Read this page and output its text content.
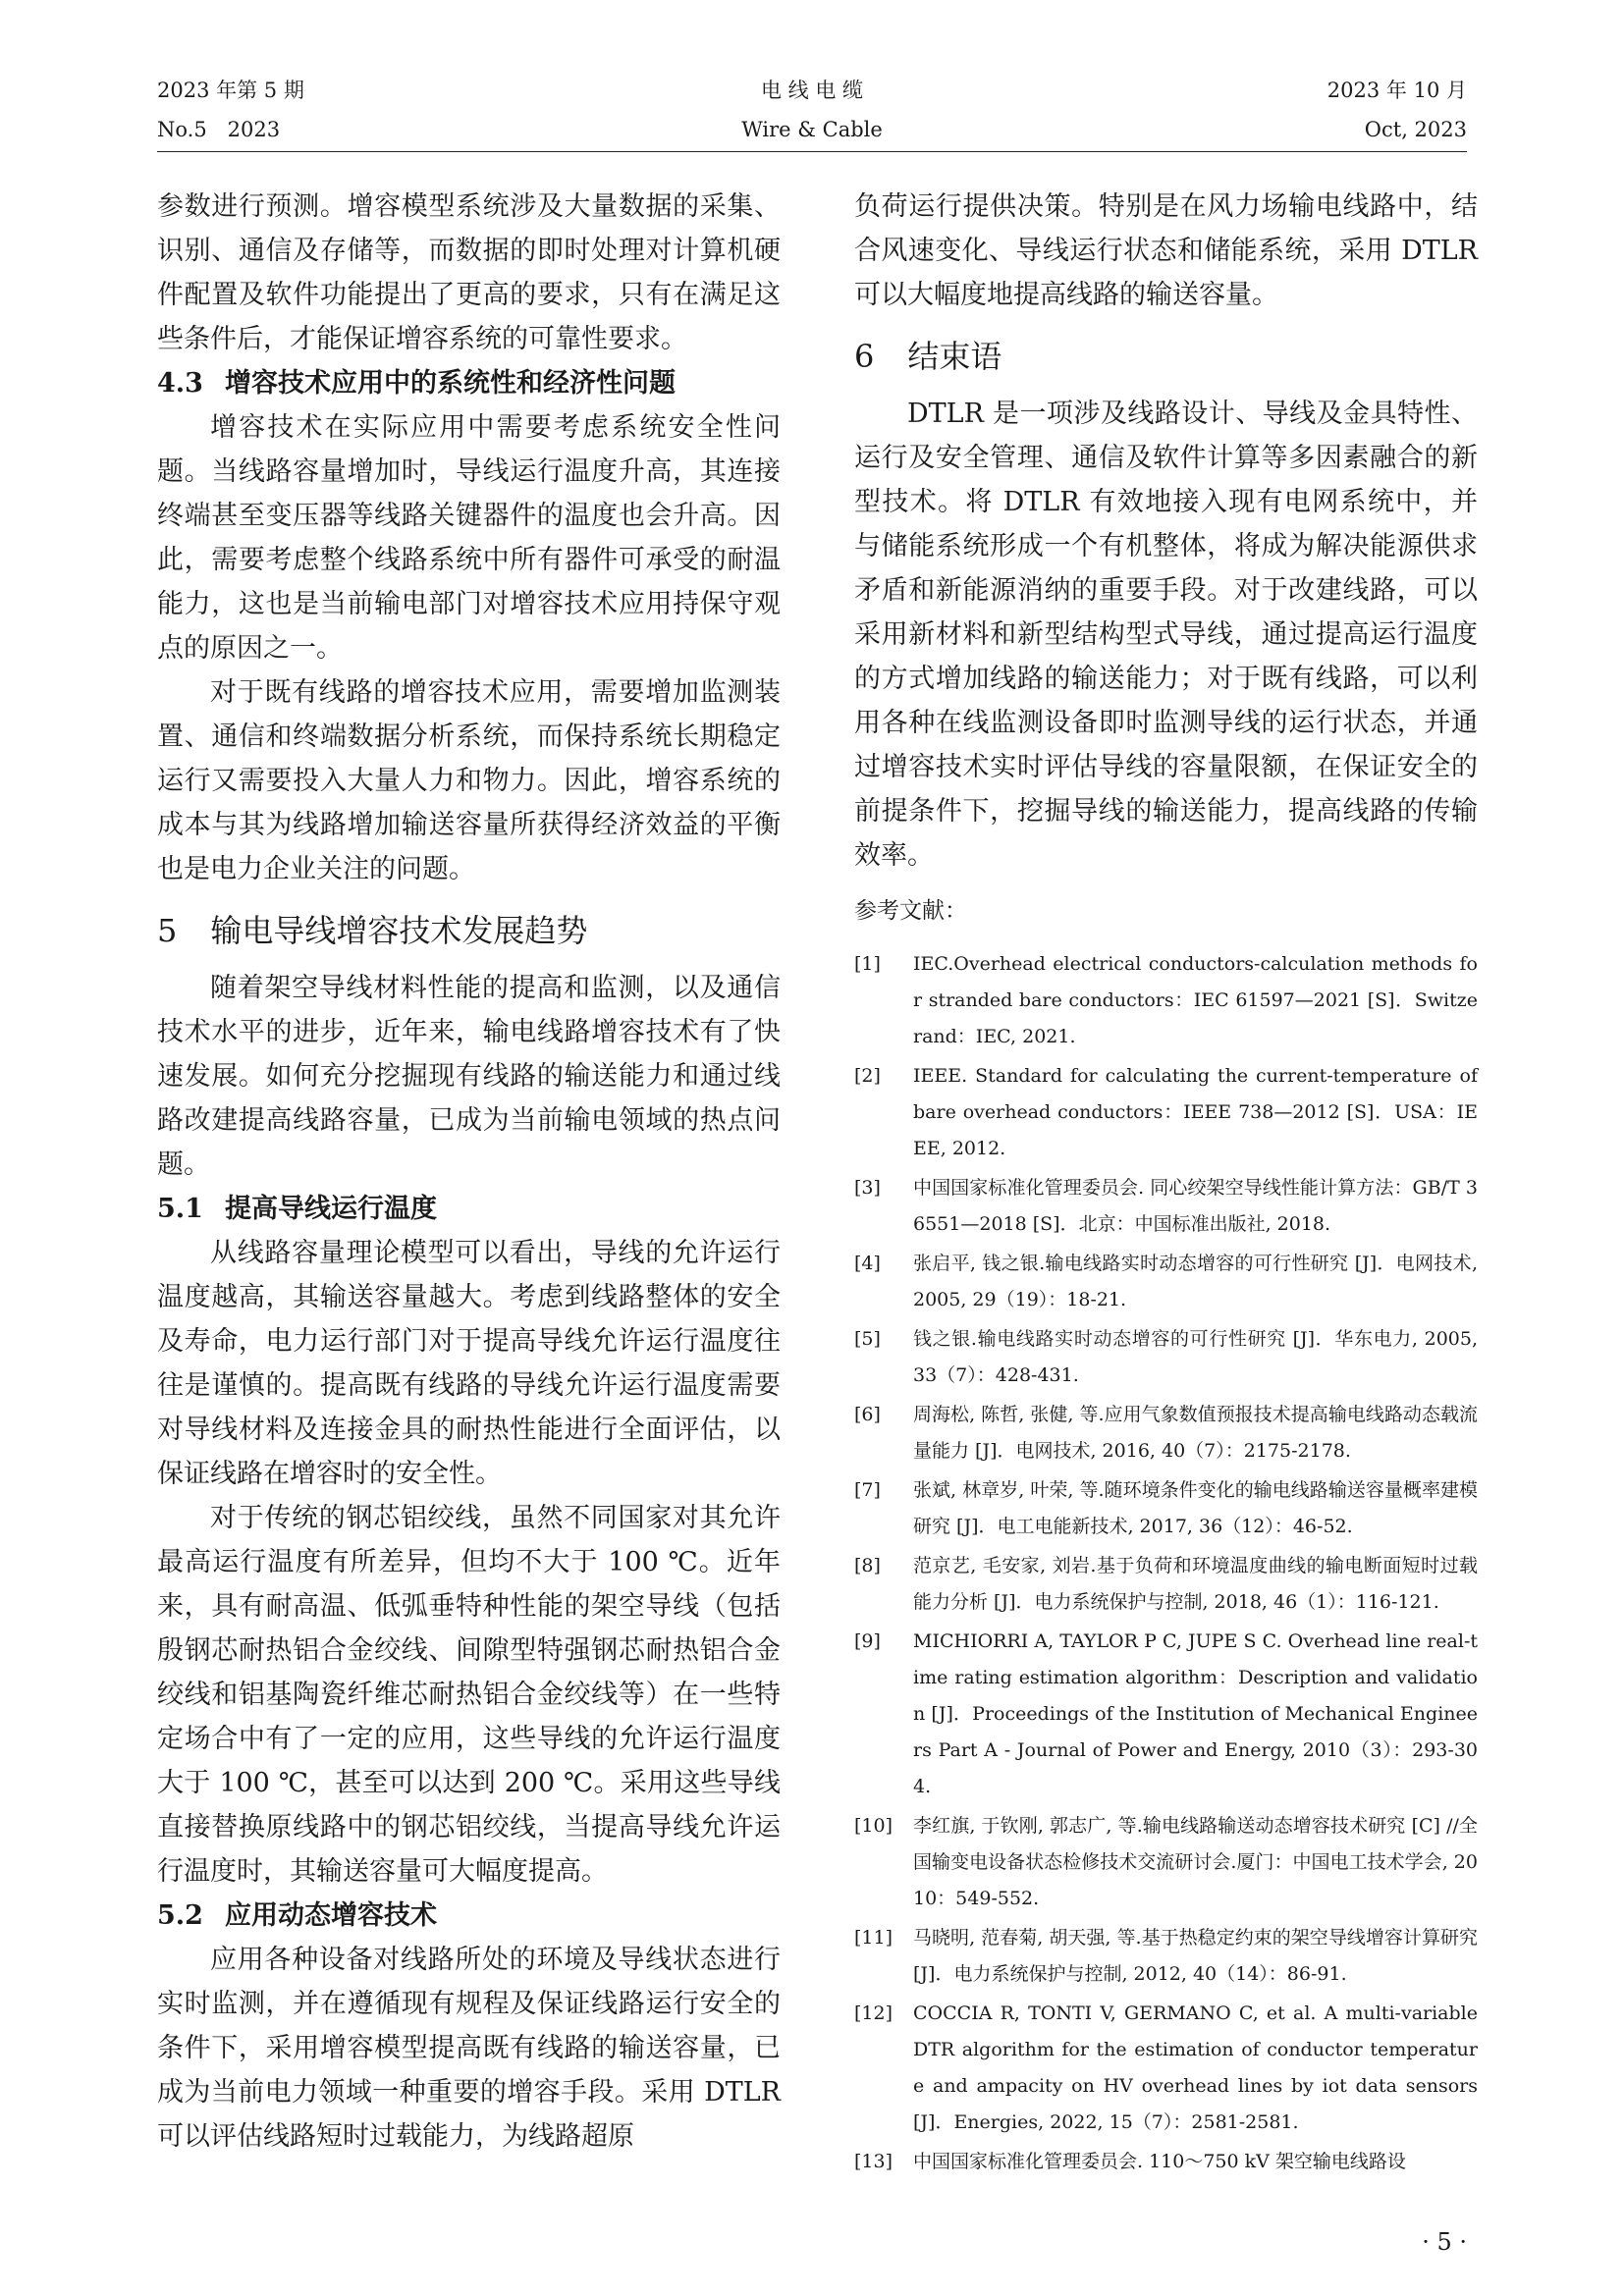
2023 年第 5 期
No.5　2023
电 线 电 缆
Wire & Cable
2023 年 10 月
Oct, 2023

参数进行预测。增容模型系统涉及大量数据的采集、识别、通信及存储等，而数据的即时处理对计算机硬件配置及软件功能提出了更高的要求，只有在满足这些条件后，才能保证增容系统的可靠性要求。

4.3 增容技术应用中的系统性和经济性问题

增容技术在实际应用中需要考虑系统安全性问题。当线路容量增加时，导线运行温度升高，其连接终端甚至变压器等线路关键器件的温度也会升高。因此，需要考虑整个线路系统中所有器件可承受的耐温能力，这也是当前输电部门对增容技术应用持保守观点的原因之一。

对于既有线路的增容技术应用，需要增加监测装置、通信和终端数据分析系统，而保持系统长期稳定运行又需要投入大量人力和物力。因此，增容系统的成本与其为线路增加输送容量所获得经济效益的平衡也是电力企业关注的问题。

5 输电导线增容技术发展趋势

随着架空导线材料性能的提高和监测，以及通信技术水平的进步，近年来，输电线路增容技术有了快速发展。如何充分挖掘现有线路的输送能力和通过线路改建提高线路容量，已成为当前输电领域的热点问题。

5.1 提高导线运行温度

从线路容量理论模型可以看出，导线的允许运行温度越高，其输送容量越大。考虑到线路整体的安全及寿命，电力运行部门对于提高导线允许运行温度往往是谨慎的。提高既有线路的导线允许运行温度需要对导线材料及连接金具的耐热性能进行全面评估，以保证线路在增容时的安全性。

对于传统的钢芯铝绞线，虽然不同国家对其允许最高运行温度有所差异，但均不大于 100 ℃。近年来，具有耐高温、低弧垂特种性能的架空导线（包括殷钢芯耐热铝合金绞线、间隙型特强钢芯耐热铝合金绞线和铝基陶瓷纤维芯耐热铝合金绞线等）在一些特定场合中有了一定的应用，这些导线的允许运行温度大于 100 ℃，甚至可以达到 200 ℃。采用这些导线直接替换原线路中的钢芯铝绞线，当提高导线允许运行温度时，其输送容量可大幅度提高。

5.2 应用动态增容技术

应用各种设备对线路所处的环境及导线状态进行实时监测，并在遵循现有规程及保证线路运行安全的条件下，采用增容模型提高既有线路的输送容量，已成为当前电力领域一种重要的增容手段。采用 DTLR 可以评估线路短时过载能力，为线路超原

负荷运行提供决策。特别是在风力场输电线路中，结合风速变化、导线运行状态和储能系统，采用 DTLR 可以大幅度地提高线路的输送容量。

6 结束语

DTLR 是一项涉及线路设计、导线及金具特性、运行及安全管理、通信及软件计算等多因素融合的新型技术。将 DTLR 有效地接入现有电网系统中，并与储能系统形成一个有机整体，将成为解决能源供求矛盾和新能源消纳的重要手段。对于改建线路，可以采用新材料和新型结构型式导线，通过提高运行温度的方式增加线路的输送能力；对于既有线路，可以利用各种在线监测设备即时监测导线的运行状态，并通过增容技术实时评估导线的容量限额，在保证安全的前提条件下，挖掘导线的输送能力，提高线路的传输效率。

参考文献：
[1] IEC.Overhead electrical conductors-calculation methods for stranded bare conductors：IEC 61597—2021 [S]．Switzerand：IEC, 2021.
[2] IEEE. Standard for calculating the current-temperature of bare overhead conductors：IEEE 738—2012 [S]．USA：IEEE, 2012.
[3] 中国国家标准化管理委员会. 同心绞架空导线性能计算方法：GB/T 36551—2018 [S]．北京：中国标准出版社, 2018.
[4] 张启平, 钱之银.输电线路实时动态增容的可行性研究 [J]．电网技术, 2005, 29（19）：18-21.
[5] 钱之银.输电线路实时动态增容的可行性研究 [J]．华东电力, 2005, 33（7）：428-431.
[6] 周海松, 陈哲, 张健, 等.应用气象数值预报技术提高输电线路动态载流量能力 [J]．电网技术, 2016, 40（7）：2175-2178.
[7] 张斌, 林章岁, 叶荣, 等.随环境条件变化的输电线路输送容量概率建模研究 [J]．电工电能新技术, 2017, 36（12）：46-52.
[8] 范京艺, 毛安家, 刘岩.基于负荷和环境温度曲线的输电断面短时过载能力分析 [J]．电力系统保护与控制, 2018, 46（1）：116-121.
[9] MICHIORRI A, TAYLOR P C, JUPE S C. Overhead line real-time rating estimation algorithm：Description and validation [J]．Proceedings of the Institution of Mechanical Engineers Part A - Journal of Power and Energy, 2010（3）：293-304.
[10] 李红旗, 于钦刚, 郭志广, 等.输电线路输送动态增容技术研究 [C] //全国输变电设备状态检修技术交流研讨会.厦门：中国电工技术学会, 2010：549-552.
[11] 马晓明, 范春菊, 胡天强, 等.基于热稳定约束的架空导线增容计算研究 [J]．电力系统保护与控制, 2012, 40（14）：86-91.
[12] COCCIA R, TONTI V, GERMANO C, et al. A multi-variable DTR algorithm for the estimation of conductor temperature and ampacity on HV overhead lines by iot data sensors [J]．Energies, 2022, 15（7）：2581-2581.
[13] 中国国家标准化管理委员会. 110～750 kV 架空输电线路设
· 5 ·
